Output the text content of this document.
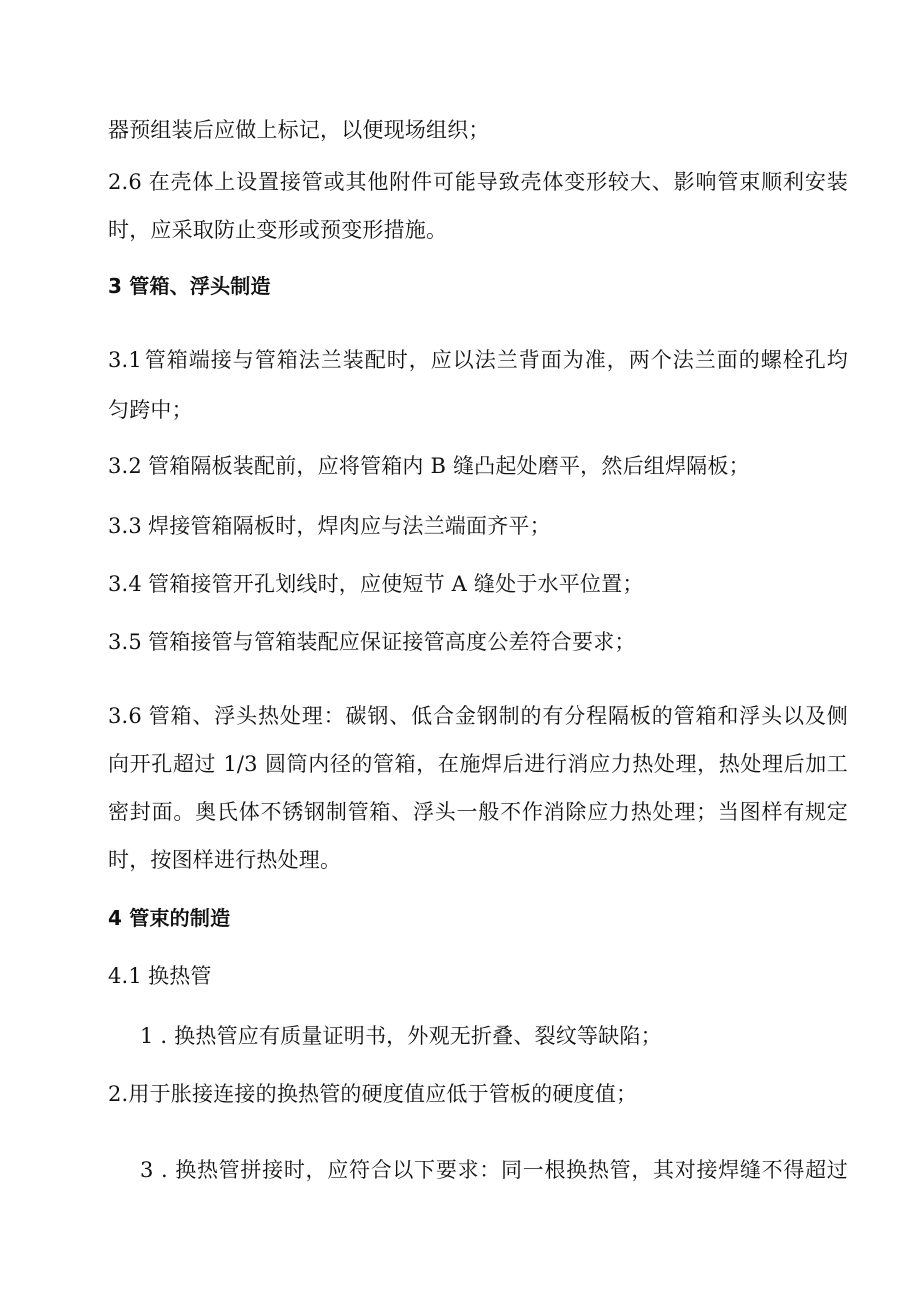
器预组装后应做上标记，以便现场组织；
2.6 在壳体上设置接管或其他附件可能导致壳体变形较大、影响管束顺利安装
时，应采取防止变形或预变形措施。
3 管箱、浮头制造
3.1管箱端接与管箱法兰装配时，应以法兰背面为准，两个法兰面的螺栓孔均
匀跨中；
3.2 管箱隔板装配前，应将管箱内 B 缝凸起处磨平，然后组焊隔板；
3.3 焊接管箱隔板时，焊肉应与法兰端面齐平；
3.4 管箱接管开孔划线时，应使短节 A 缝处于水平位置；
3.5 管箱接管与管箱装配应保证接管高度公差符合要求；
3.6 管箱、浮头热处理：碳钢、低合金钢制的有分程隔板的管箱和浮头以及侧
向开孔超过 1/3 圆筒内径的管箱，在施焊后进行消应力热处理，热处理后加工
密封面。奥氏体不锈钢制管箱、浮头一般不作消除应力热处理；当图样有规定
时，按图样进行热处理。
4 管束的制造
4.1 换热管
1 . 换热管应有质量证明书，外观无折叠、裂纹等缺陷；
2.用于胀接连接的换热管的硬度值应低于管板的硬度值；
3 . 换热管拼接时，应符合以下要求：同一根换热管，其对接焊缝不得超过
